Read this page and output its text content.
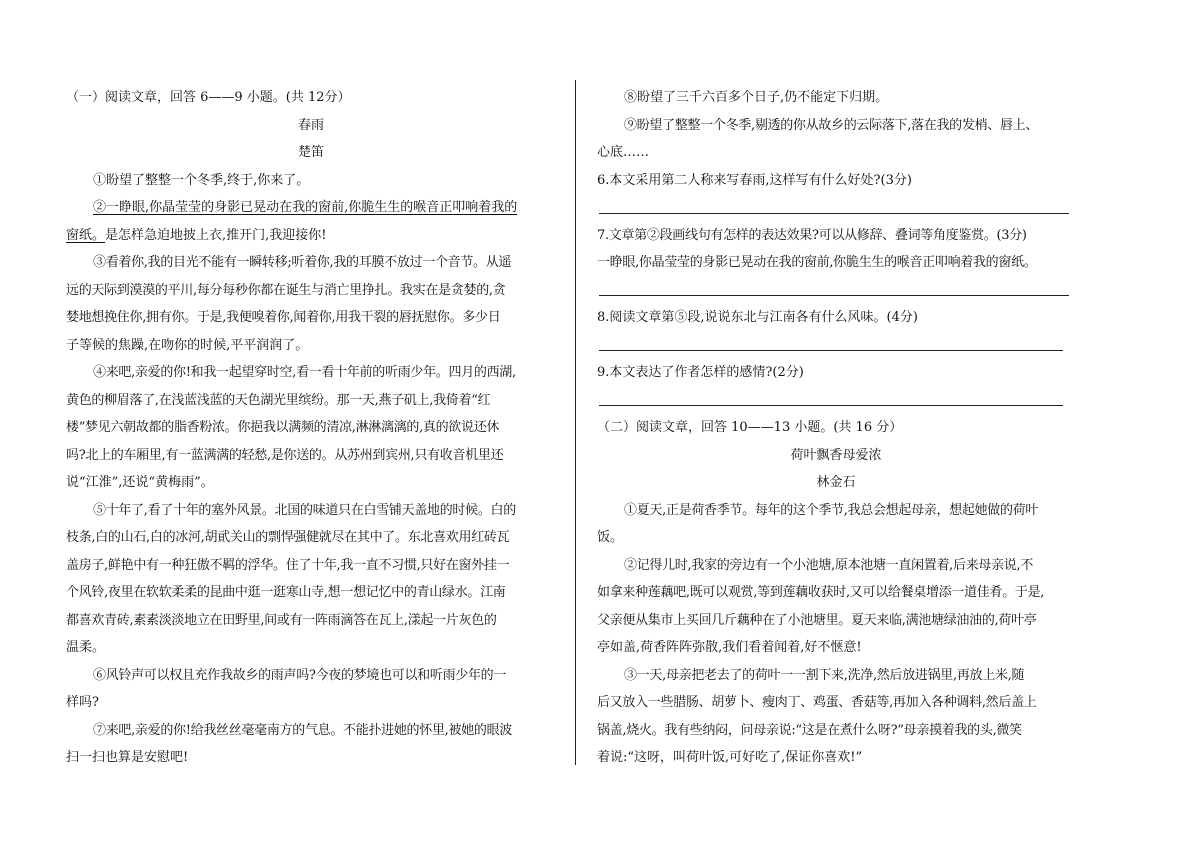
（一）阅读文章，回答 6——9 小题。(共 12分）
春雨
楚笛
①盼望了整整一个冬季,终于,你来了。
②一睁眼,你晶莹莹的身影已晃动在我的窗前,你脆生生的喉音正叩响着我的
窗纸。是怎样急迫地披上衣,推开门,我迎接你!
③看着你,我的目光不能有一瞬转移;听着你,我的耳膜不放过一个音节。从遥
远的天际到漠漠的平川,每分每秒你都在诞生与消亡里挣扎。我实在是贪婪的,贪
婪地想挽住你,拥有你。于是,我便嗅着你,闻着你,用我干裂的唇抚慰你。多少日
子等候的焦躁,在吻你的时候,平平润润了。
④来吧,亲爱的你!和我一起望穿时空,看一看十年前的听雨少年。四月的西湖,
黄色的柳眉落了,在浅蓝浅蓝的天色湖光里缤纷。那一天,燕子矶上,我倚着“红
楼”梦见六朝故都的脂香粉浓。你挹我以满频的清凉,淋淋漓漓的,真的欲说还休
吗?北上的车厢里,有一蓝满满的轻愁,是你送的。从苏州到宾州,只有收音机里还
说“江淮”,还说“黄梅雨”。
⑤十年了,看了十年的塞外风景。北国的味道只在白雪铺天盖地的时候。白的
枝条,白的山石,白的冰河,胡貮关山的剽悍强健就尽在其中了。东北喜欢用红砖瓦
盖房子,鲜艳中有一种狂傲不羁的浮华。住了十年,我一直不习惯,只好在窗外挂一
个风铃,夜里在软软柔柔的昆曲中逛一逛寒山寺,想一想记忆中的青山绿水。江南
都喜欢青砖,素素淡淡地立在田野里,间或有一阵雨滴答在瓦上,漾起一片灰色的
温柔。
⑥风铃声可以权且充作我故乡的雨声吗?今夜的梦境也可以和听雨少年的一
样吗?
⑦来吧,亲爱的你!给我丝丝毫毫南方的气息。不能扑进她的怀里,被她的眼波
扫一扫也算是安慰吧!
⑧盼望了三千六百多个日子,仍不能定下归期。
⑨盼望了整整一个冬季,剔透的你从故乡的云际落下,落在我的发梢、唇上、
心底……
6.本文采用第二人称来写春雨,这样写有什么好处?(3分)
7.文章第②段画线句有怎样的表达效果?可以从修辞、叠词等角度鉴赏。(3分)
一睁眼,你晶莹莹的身影已晃动在我的窗前,你脆生生的喉音正叩响着我的窗纸。
8.阅读文章第⑤段,说说东北与江南各有什么风味。(4分)
9.本文表达了作者怎样的感情?(2分)
（二）阅读文章，回答 10——13 小题。(共 16 分）
荷叶飘香母爱浓
林金石
①夏天,正是荷香季节。每年的这个季节,我总会想起母亲，想起她做的荷叶
饭。
②记得儿时,我家的旁边有一个小池塘,原本池塘一直闲置着,后来母亲说,不
如拿来种莲藕吧,既可以观赏,等到莲藕收获时,又可以给餐桌增添一道佳肴。于是,
父亲便从集市上买回几斤藕种在了小池塘里。夏天来临,满池塘绿油油的,荷叶亭
亭如盖,荷香阵阵弥散,我们看着闻着,好不惬意!
③一天,母亲把老去了的荷叶一一割下来,洗净,然后放进锅里,再放上米,随
后又放入一些腊肠、胡萝卜、瘦肉丁、鸡蛋、香菇等,再加入各种调料,然后盖上
锅盖,烧火。我有些纳闷，问母亲说:“这是在煮什么呀?”母亲摸着我的头,微笑
着说:“这呀，叫荷叶饭,可好吃了,保证你喜欢!”
